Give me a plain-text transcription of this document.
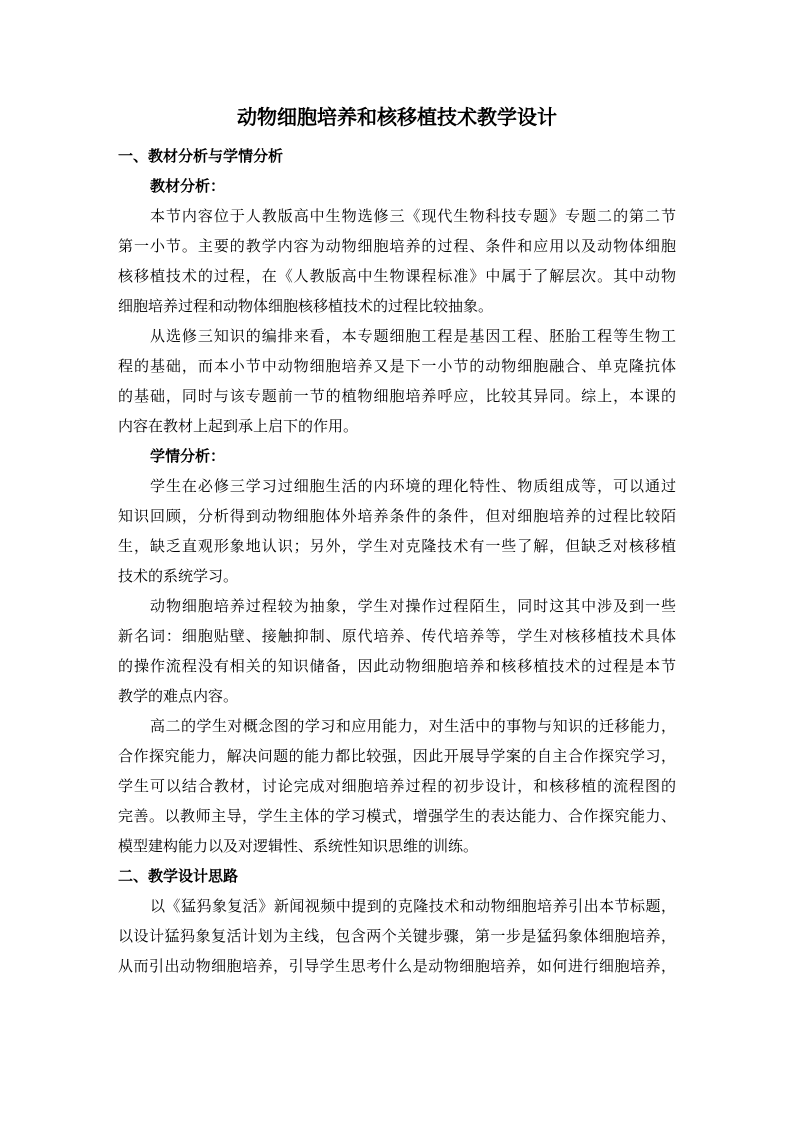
动物细胞培养和核移植技术教学设计
一、教材分析与学情分析
教材分析：
本节内容位于人教版高中生物选修三《现代生物科技专题》专题二的第二节
第一小节。主要的教学内容为动物细胞培养的过程、条件和应用以及动物体细胞
核移植技术的过程，在《人教版高中生物课程标准》中属于了解层次。其中动物
细胞培养过程和动物体细胞核移植技术的过程比较抽象。
从选修三知识的编排来看，本专题细胞工程是基因工程、胚胎工程等生物工
程的基础，而本小节中动物细胞培养又是下一小节的动物细胞融合、单克隆抗体
的基础，同时与该专题前一节的植物细胞培养呼应，比较其异同。综上，本课的
内容在教材上起到承上启下的作用。
学情分析：
学生在必修三学习过细胞生活的内环境的理化特性、物质组成等，可以通过
知识回顾，分析得到动物细胞体外培养条件的条件，但对细胞培养的过程比较陌
生，缺乏直观形象地认识；另外，学生对克隆技术有一些了解，但缺乏对核移植
技术的系统学习。
动物细胞培养过程较为抽象，学生对操作过程陌生，同时这其中涉及到一些
新名词：细胞贴壁、接触抑制、原代培养、传代培养等，学生对核移植技术具体
的操作流程没有相关的知识储备，因此动物细胞培养和核移植技术的过程是本节
教学的难点内容。
高二的学生对概念图的学习和应用能力，对生活中的事物与知识的迁移能力，
合作探究能力，解决问题的能力都比较强，因此开展导学案的自主合作探究学习，
学生可以结合教材，讨论完成对细胞培养过程的初步设计，和核移植的流程图的
完善。以教师主导，学生主体的学习模式，增强学生的表达能力、合作探究能力、
模型建构能力以及对逻辑性、系统性知识思维的训练。
二、教学设计思路
以《猛犸象复活》新闻视频中提到的克隆技术和动物细胞培养引出本节标题，
以设计猛犸象复活计划为主线，包含两个关键步骤，第一步是猛犸象体细胞培养，
从而引出动物细胞培养，引导学生思考什么是动物细胞培养，如何进行细胞培养，
